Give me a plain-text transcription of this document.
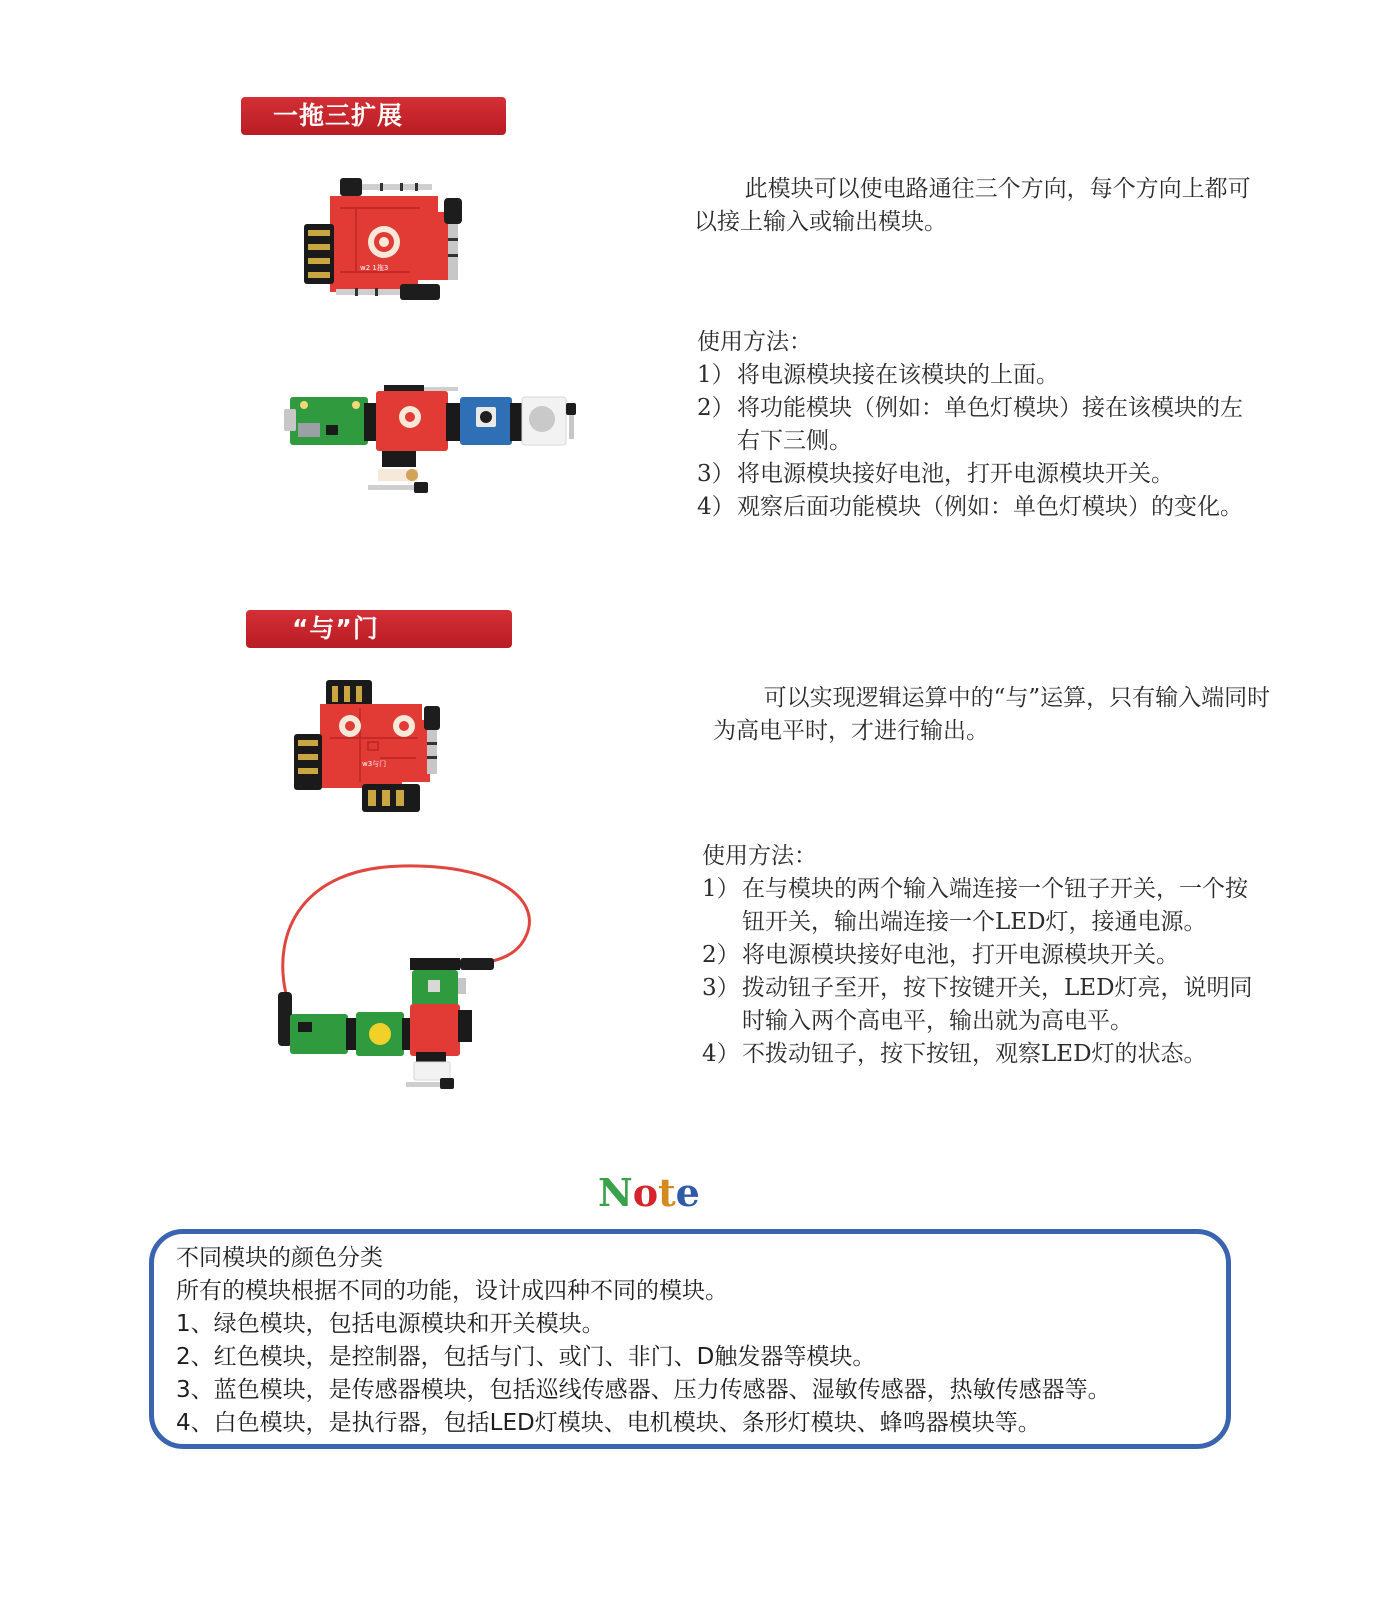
一拖三扩展
w2 1拖3

此模块可以使电路通往三个方向，每个方向上都可以接上输入或输出模块。

使用方法：

1） 将电源模块接在该模块的上面。
2） 将功能模块（例如：单色灯模块）接在该模块的左右下三侧。
3） 将电源模块接好电池，打开电源模块开关。
4） 观察后面功能模块（例如：单色灯模块）的变化。
“与”门
w3与门

可以实现逻辑运算中的“与”运算，只有输入端同时为高电平时，才进行输出。

使用方法：

1） 在与模块的两个输入端连接一个钮子开关，一个按钮开关，输出端连接一个LED灯，接通电源。
2） 将电源模块接好电池，打开电源模块开关。
3） 拨动钮子至开，按下按键开关，LED灯亮，说明同时输入两个高电平，输出就为高电平。
4） 不拨动钮子，按下按钮，观察LED灯的状态。
Note
不同模块的颜色分类
所有的模块根据不同的功能，设计成四种不同的模块。
1、绿色模块，包括电源模块和开关模块。
2、红色模块，是控制器，包括与门、或门、非门、D触发器等模块。
3、蓝色模块，是传感器模块，包括巡线传感器、压力传感器、湿敏传感器，热敏传感器等。
4、白色模块，是执行器，包括LED灯模块、电机模块、条形灯模块、蜂鸣器模块等。
